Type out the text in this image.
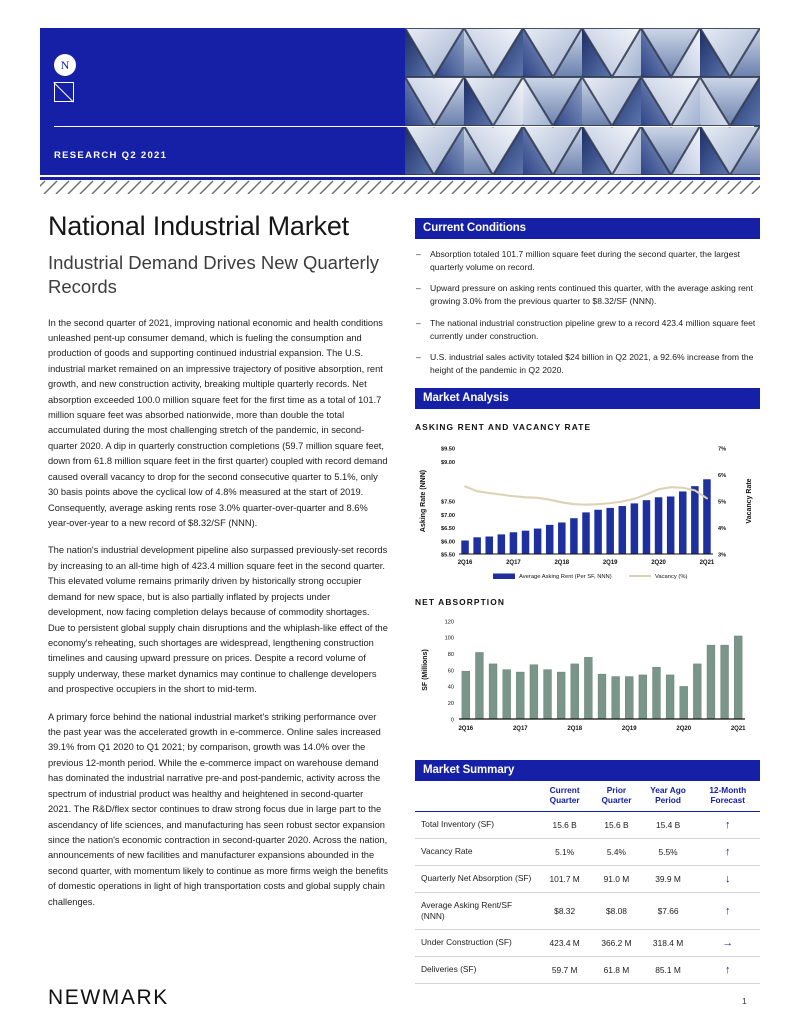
N
RESEARCH Q2 2021
National Industrial Market
Industrial Demand Drives New Quarterly Records

In the second quarter of 2021, improving national economic and health conditions unleashed pent-up consumer demand, which is fueling the consumption and production of goods and supporting continued industrial expansion. The U.S. industrial market remained on an impressive trajectory of positive absorption, rent growth, and new construction activity, breaking multiple quarterly records. Net absorption exceeded 100.0 million square feet for the first time as a total of 101.7 million square feet was absorbed nationwide, more than double the total accumulated during the most challenging stretch of the pandemic, in second-quarter 2020. A dip in quarterly construction completions (59.7 million square feet, down from 61.8 million square feet in the first quarter) coupled with record demand caused overall vacancy to drop for the second consecutive quarter to 5.1%, only 30 basis points above the cyclical low of 4.8% measured at the start of 2019. Consequently, average asking rents rose 3.0% quarter-over-quarter and 8.6% year-over-year to a new record of $8.32/SF (NNN).

The nation's industrial development pipeline also surpassed previously-set records by increasing to an all-time high of 423.4 million square feet in the second quarter. This elevated volume remains primarily driven by historically strong occupier demand for new space, but is also partially inflated by projects under development, now facing completion delays because of commodity shortages. Due to persistent global supply chain disruptions and the whiplash-like effect of the economy's reheating, such shortages are widespread, lengthening construction timelines and causing upward pressure on prices. Despite a record volume of supply underway, these market dynamics may continue to challenge developers and prospective occupiers in the short to mid-term.

A primary force behind the national industrial market's striking performance over the past year was the accelerated growth in e-commerce. Online sales increased 39.1% from Q1 2020 to Q1 2021; by comparison, growth was 14.0% over the previous 12-month period. While the e-commerce impact on warehouse demand has dominated the industrial narrative pre-and post-pandemic, activity across the spectrum of industrial product was healthy and heightened in second-quarter 2021. The R&D/flex sector continues to draw strong focus due in large part to the ascendancy of life sciences, and manufacturing has seen robust sector expansion since the nation's economic contraction in second-quarter 2020. Across the nation, announcements of new facilities and manufacturer expansions abounded in the second quarter, with momentum likely to continue as more firms weigh the benefits of domestic operations in light of high transportation costs and global supply chain challenges.

Current Conditions
– Absorption totaled 101.7 million square feet during the second quarter, the largest quarterly volume on record.
– Upward pressure on asking rents continued this quarter, with the average asking rent growing 3.0% from the previous quarter to $8.32/SF (NNN).
– The national industrial construction pipeline grew to a record 423.4 million square feet currently under construction.
– U.S. industrial sales activity totaled $24 billion in Q2 2021, a 92.6% increase from the height of the pandemic in Q2 2020.
Market Analysis
ASKING RENT AND VACANCY RATE
$5.50
$6.00
$6.50
$7.00
$7.50
$9.00
$9.50
3%
4%
5%
6%
7%
Asking Rate (NNN)	Vacancy Rate
2Q16	2Q17	2Q18	2Q19	2Q20	2Q21
Average Asking Rent (Per SF, NNN)	Vacancy (%)
NET ABSORPTION
0
20
40
60
80
100
120
SF (Millions)
2Q16	2Q17	2Q18	2Q19	2Q20	2Q21
Market Summary
	Current Quarter	Prior Quarter	Year Ago Period	12-Month Forecast
Total Inventory (SF)	15.6 B	15.6 B	15.4 B	↑
Vacancy Rate	5.1%	5.4%	5.5%	↑
Quarterly Net Absorption (SF)	101.7 M	91.0 M	39.9 M	↓
Average Asking Rent/SF (NNN)	$8.32	$8.08	$7.66	↑
Under Construction (SF)	423.4 M	366.2 M	318.4 M	→
Deliveries (SF)	59.7 M	61.8 M	85.1 M	↑
NEWMARK	1
